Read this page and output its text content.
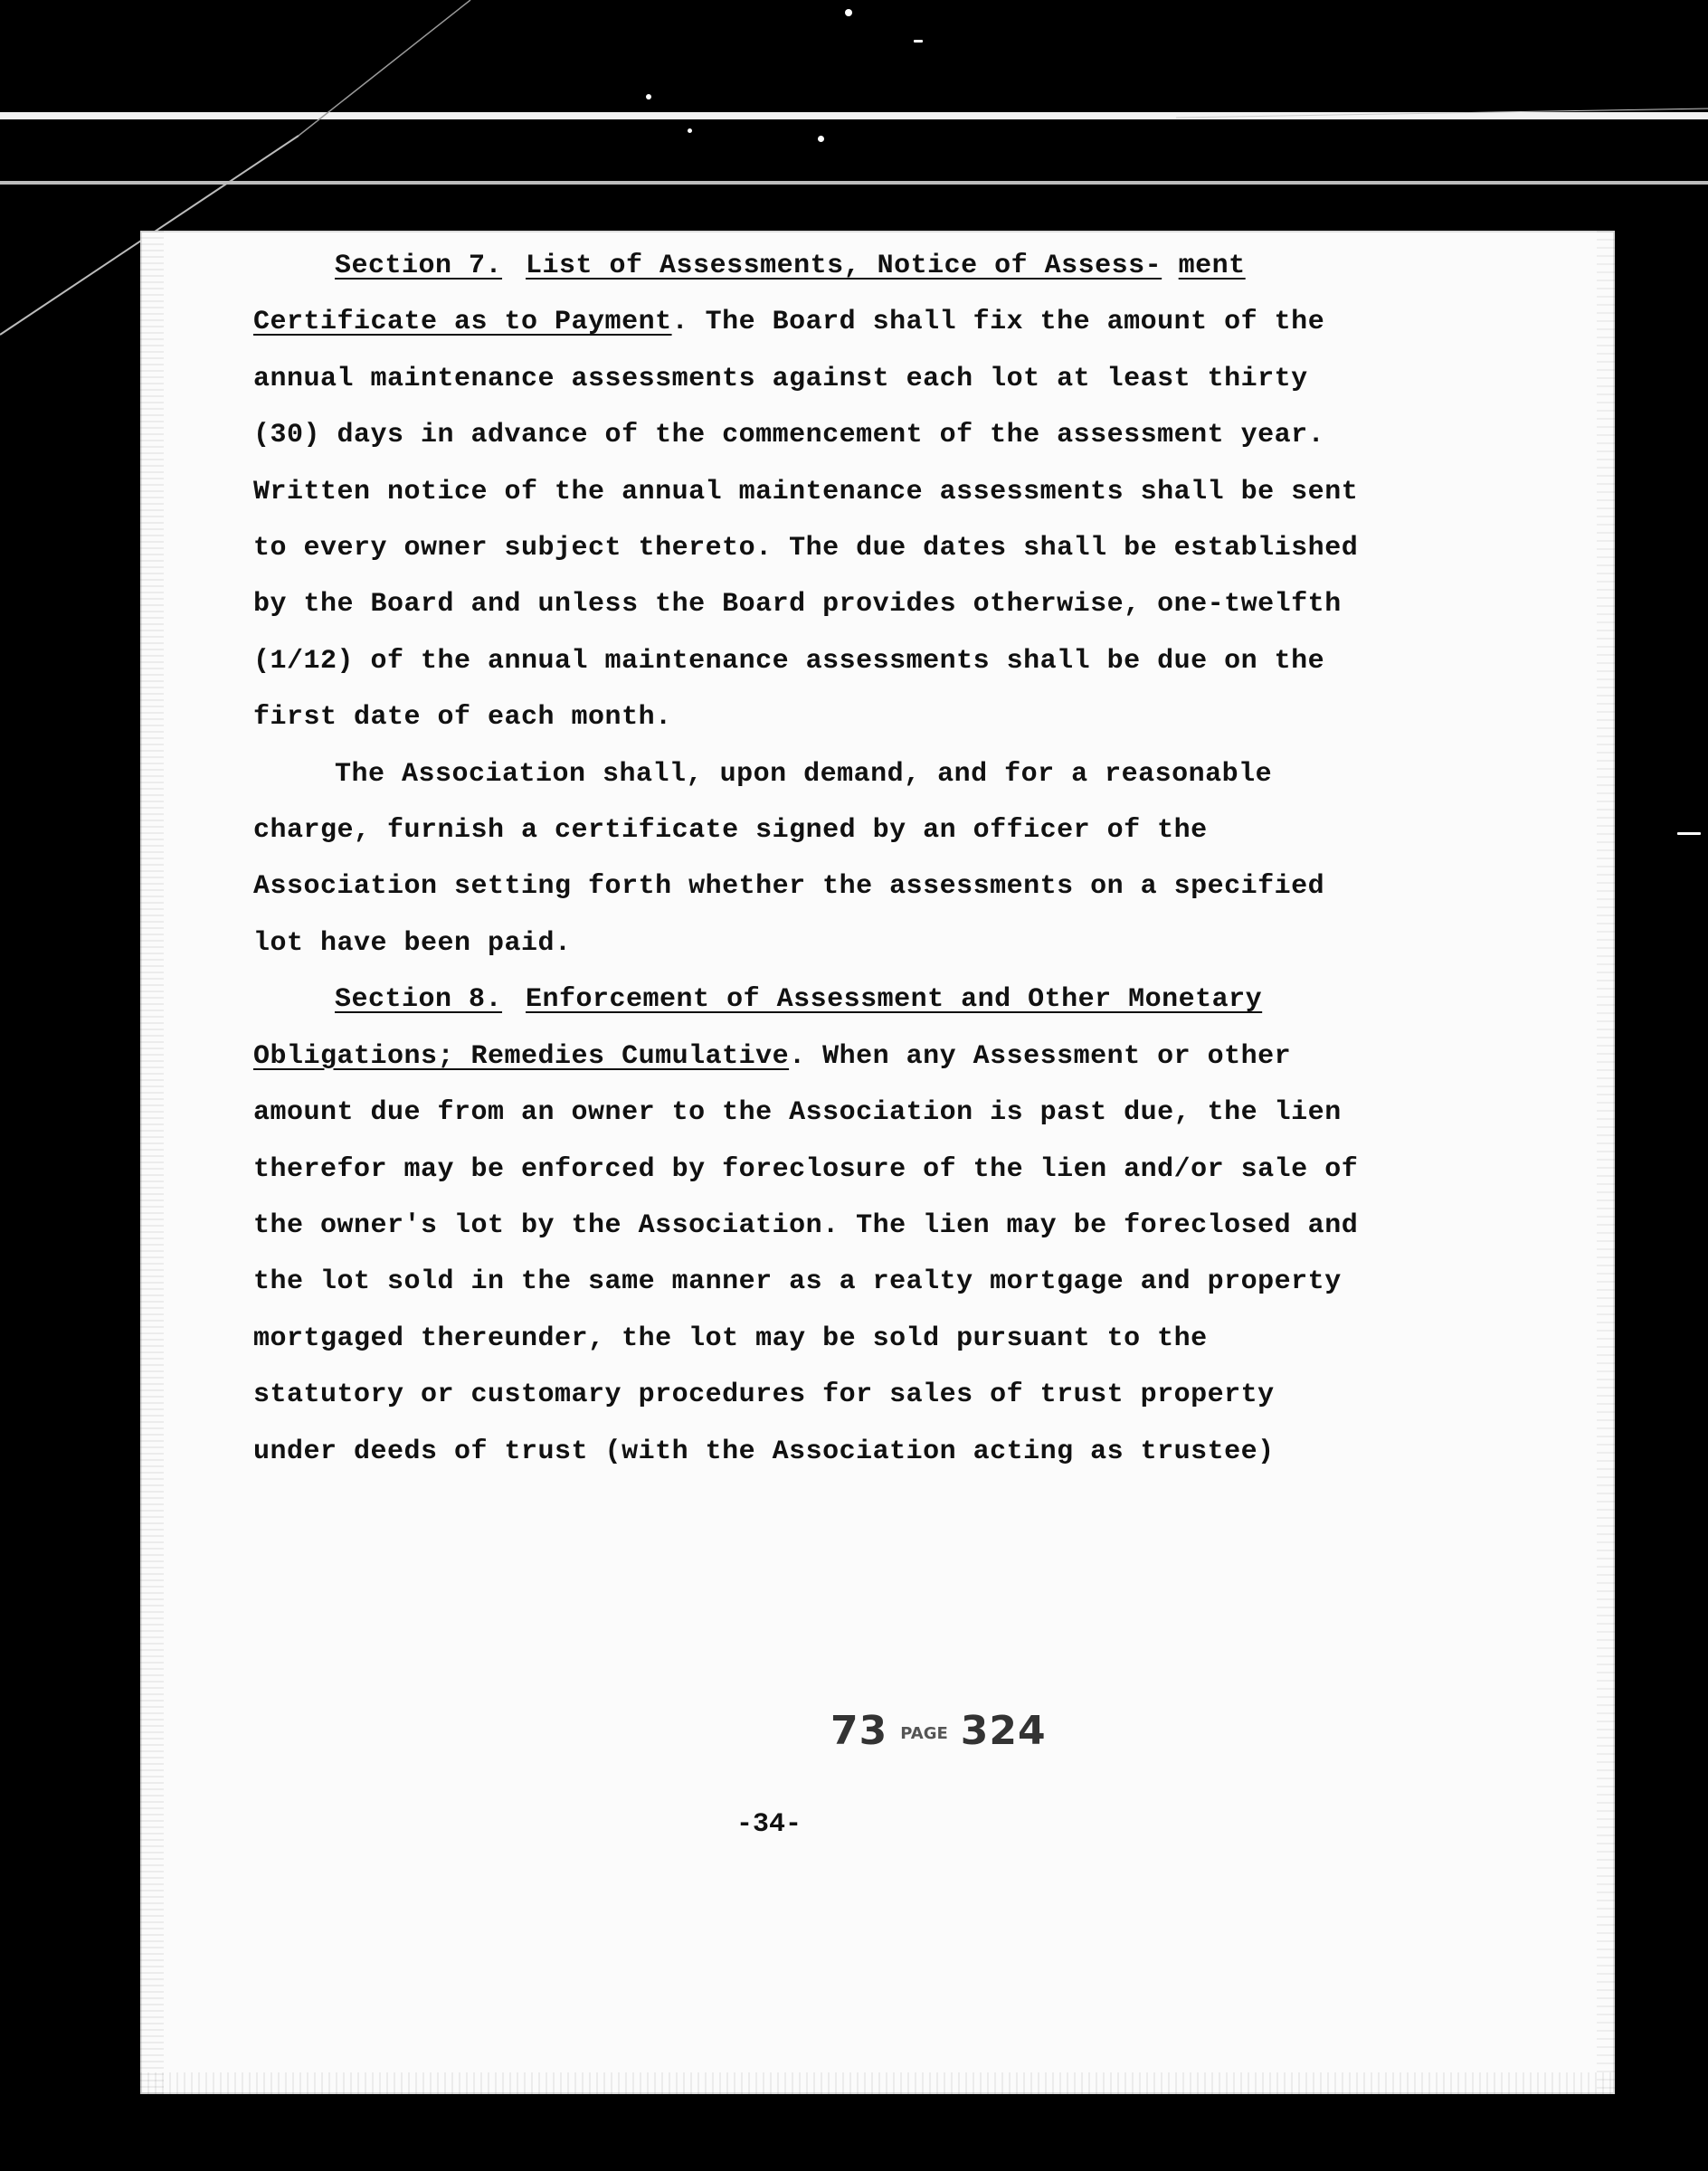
Section 7. List of Assessments, Notice of Assess- ment Certificate as to Payment. The Board shall fix the amount of the annual maintenance assessments against each lot at least thirty (30) days in advance of the commencement of the assessment year. Written notice of the annual maintenance assessments shall be sent to every owner subject thereto. The due dates shall be established by the Board and unless the Board provides otherwise, one-twelfth (1/12) of the annual maintenance assessments shall be due on the first date of each month.

The Association shall, upon demand, and for a reasonable charge, furnish a certificate signed by an officer of the Association setting forth whether the assessments on a specified lot have been paid.

Section 8. Enforcement of Assessment and Other Monetary Obligations; Remedies Cumulative. When any Assessment or other amount due from an owner to the Association is past due, the lien therefor may be enforced by foreclosure of the lien and/or sale of the owner's lot by the Association. The lien may be foreclosed and the lot sold in the same manner as a realty mortgage and property mortgaged thereunder, the lot may be sold pursuant to the statutory or customary procedures for sales of trust property under deeds of trust (with the Association acting as trustee)

73 PAGE 324
-34-
